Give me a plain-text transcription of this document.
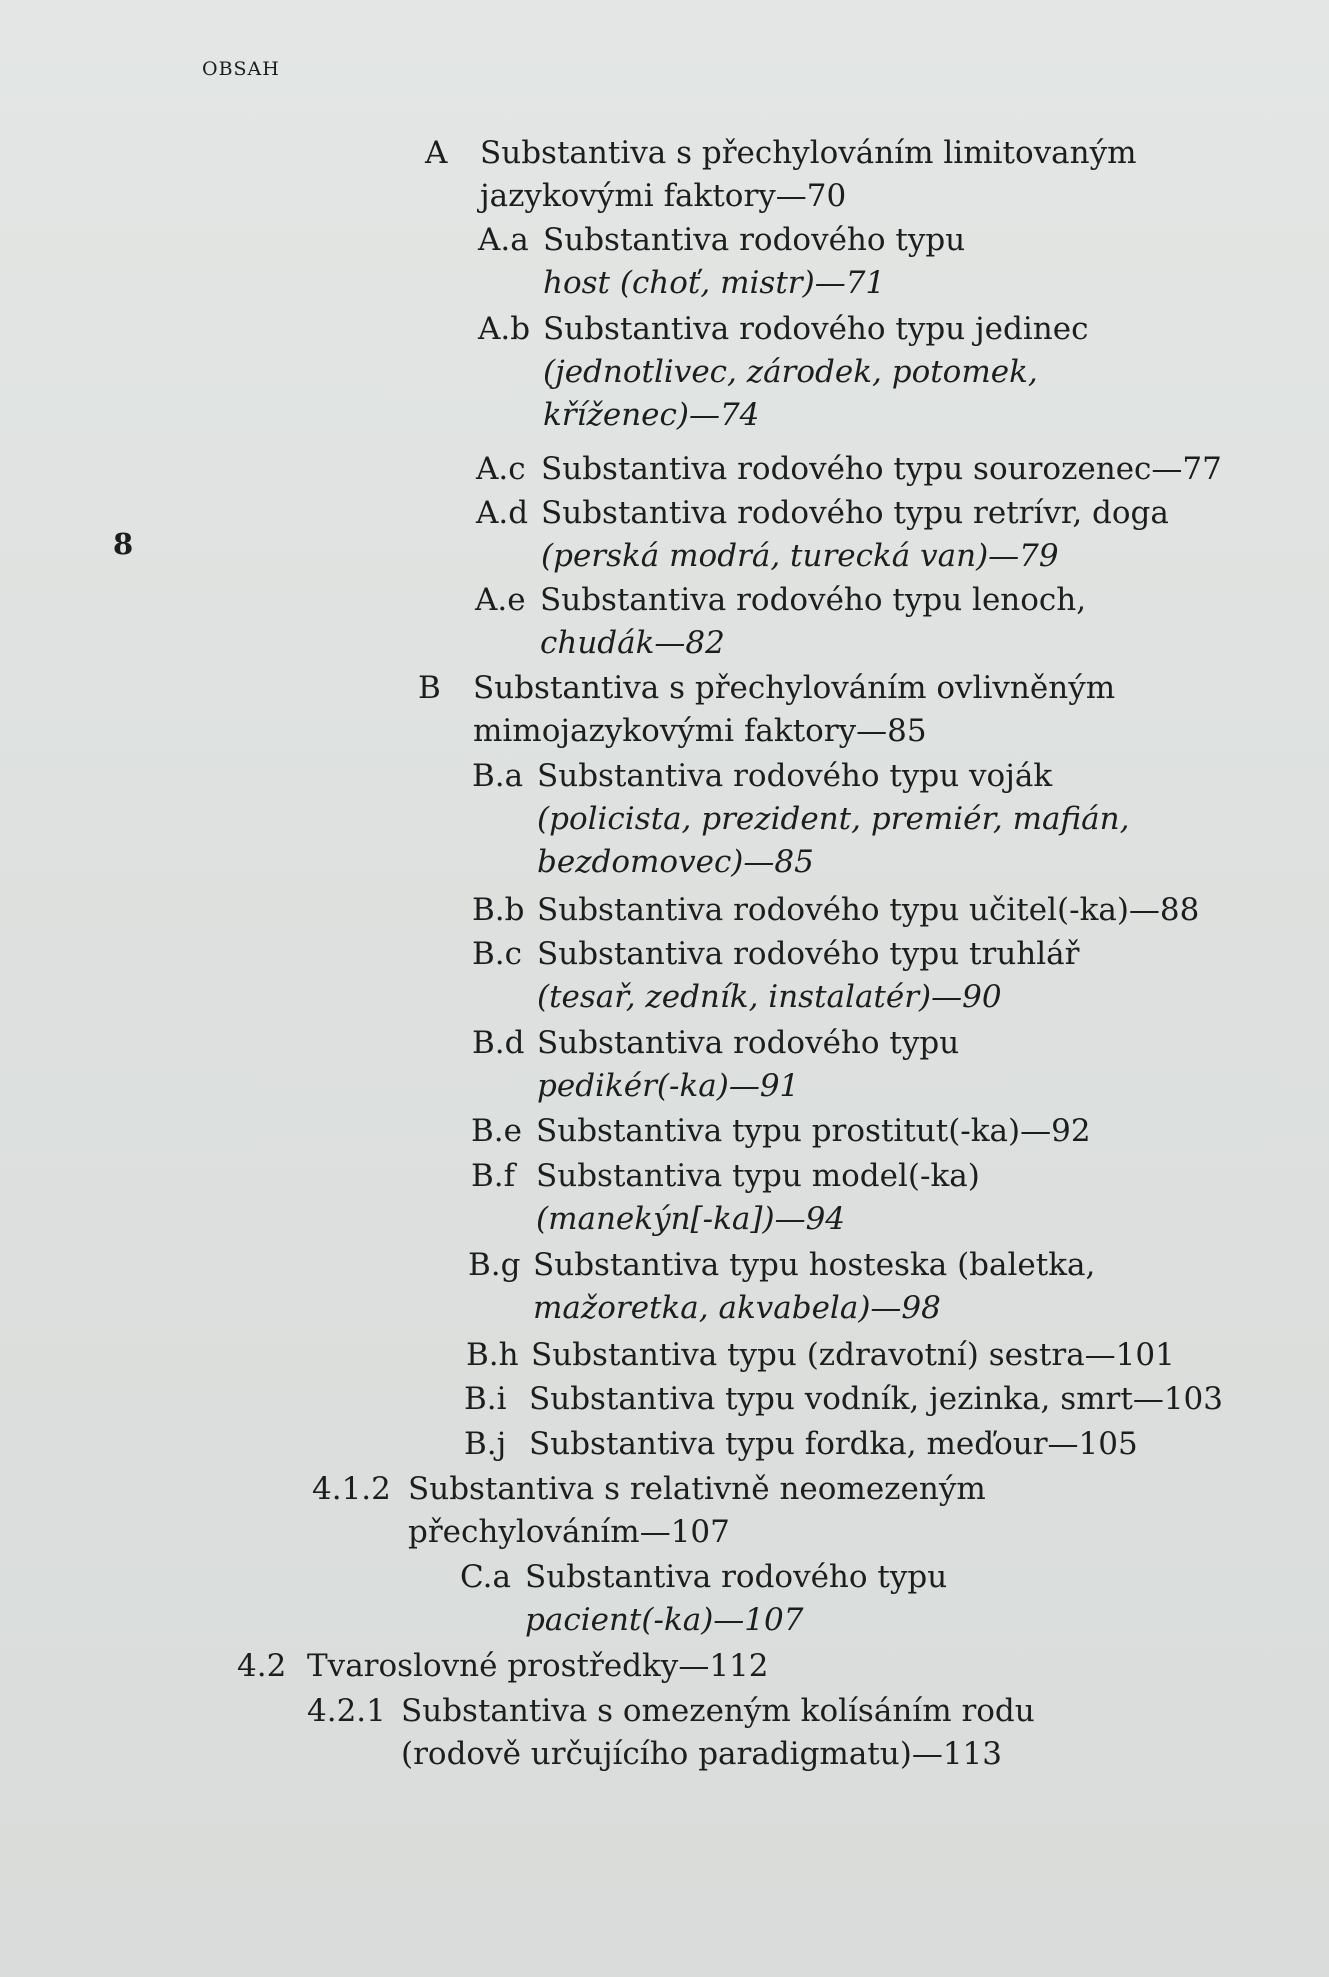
OBSAH
8
A Substantiva s přechylováním limitovaným
jazykovými faktory—70
A.a Substantiva rodového typu
host (choť, mistr)—71
A.b Substantiva rodového typu jedinec
(jednotlivec, zárodek, potomek,
kříženec)—74
A.c Substantiva rodového typu sourozenec—77
A.d Substantiva rodového typu retrívr, doga
(perská modrá, turecká van)—79
A.e Substantiva rodového typu lenoch,
chudák—82
B Substantiva s přechylováním ovlivněným
mimojazykovými faktory—85
B.a Substantiva rodového typu voják
(policista, prezident, premiér, mafián,
bezdomovec)—85
B.b Substantiva rodového typu učitel(-ka)—88
B.c Substantiva rodového typu truhlář
(tesař, zedník, instalatér)—90
B.d Substantiva rodového typu
pedikér(-ka)—91
B.e Substantiva typu prostitut(-ka)—92
B.f Substantiva typu model(-ka)
(manekýn[-ka])—94
B.g Substantiva typu hosteska (baletka,
mažoretka, akvabela)—98
B.h Substantiva typu (zdravotní) sestra—101
B.i Substantiva typu vodník, jezinka, smrt—103
B.j Substantiva typu fordka, meďour—105
4.1.2 Substantiva s relativně neomezeným
přechylováním—107
C.a Substantiva rodového typu
pacient(-ka)—107
4.2 Tvaroslovné prostředky—112
4.2.1 Substantiva s omezeným kolísáním rodu
(rodově určujícího paradigmatu)—113
